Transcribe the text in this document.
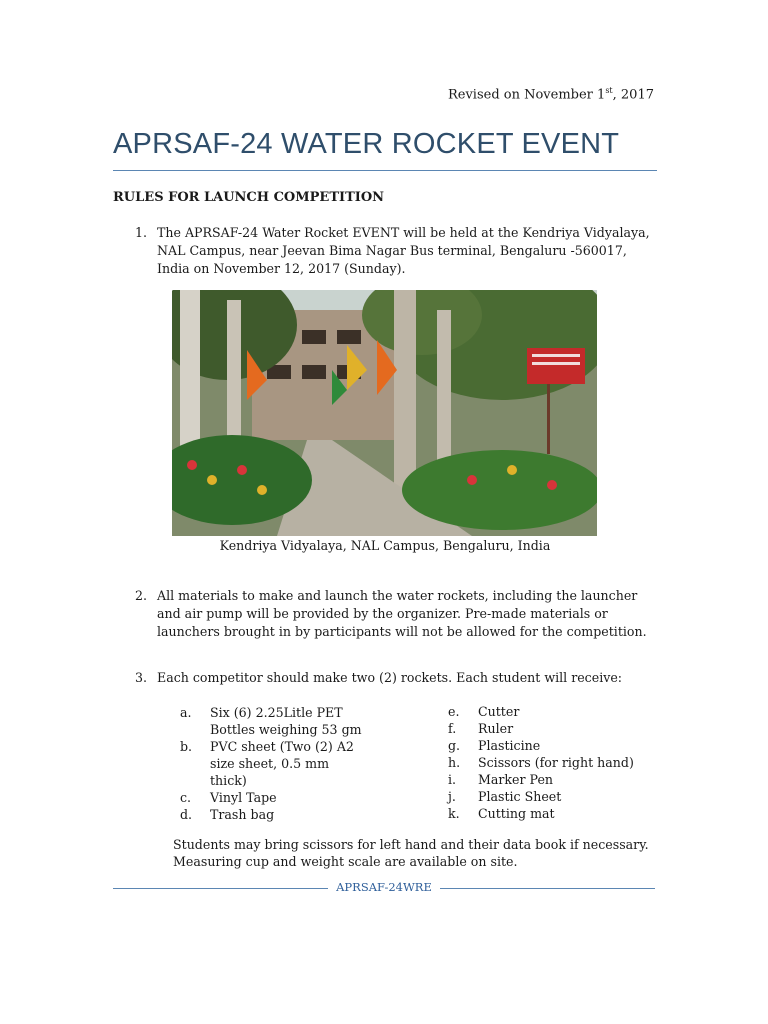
Revised on November 1st, 2017
APRSAF-24 WATER ROCKET EVENT
RULES FOR LAUNCH COMPETITION
1. The APRSAF-24 Water Rocket EVENT will be held at the Kendriya Vidyalaya, NAL Campus, near Jeevan Bima Nagar Bus terminal, Bengaluru -560017, India on November 12, 2017 (Sunday).
Kendriya Vidyalaya, NAL Campus, Bengaluru, India
2. All materials to make and launch the water rockets, including the launcher and air pump will be provided by the organizer. Pre-made materials or launchers brought in by participants will not be allowed for the competition.
3. Each competitor should make two (2) rockets. Each student will receive:
a. Six (6) 2.25Litle PET Bottles weighing 53 gm
b. PVC sheet (Two (2) A2 size sheet, 0.5 mm thick)
c. Vinyl Tape
d. Trash bag
e. Cutter
f. Ruler
g. Plasticine
h. Scissors (for right hand)
i. Marker Pen
j. Plastic Sheet
k. Cutting mat
Students may bring scissors for left hand and their data book if necessary. Measuring cup and weight scale are available on site.
APRSAF-24WRE
